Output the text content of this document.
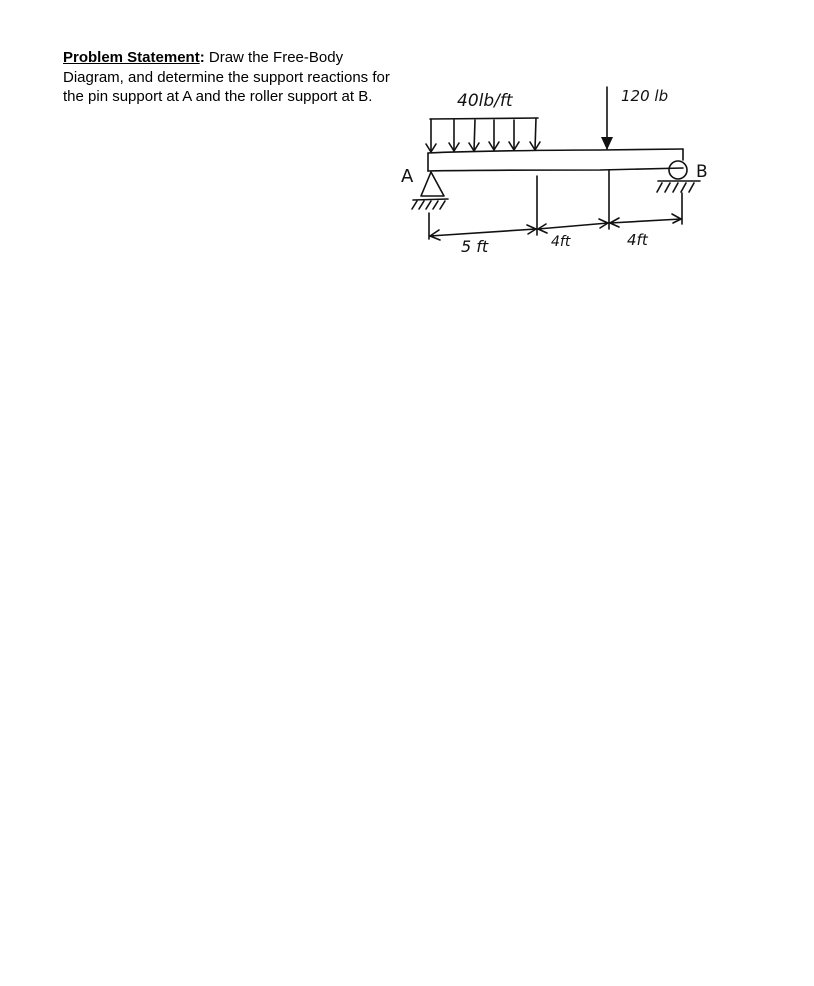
Problem Statement: Draw the Free-Body Diagram, and determine the support reactions for the pin support at A and the roller support at B.	40lb/ft	120 lb
A	B
5 ft	4ft	4ft
